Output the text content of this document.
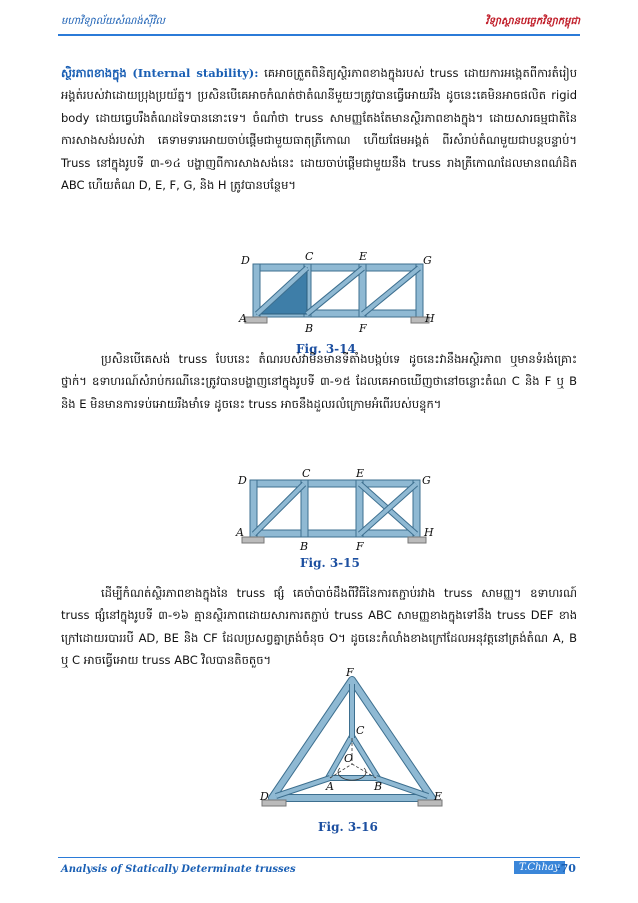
មហាវិទ្យាល័យសំណង់ស៊ីវិល	វិទ្យាស្ថានបច្ចេកវិទ្យាកម្ពុជា
ស្ថិរភាពខាងក្នុង (Internal stability): គេអាចត្រួតពិនិត្យស្ថិរភាពខាងក្នុងរបស់ truss ដោយការអង្កេតពីការតំរៀបអង្គត់របស់វាដោយប្រុងប្រយ័ត្ន។ ប្រសិនបើគេអាចកំណត់ថាតំណនីមួយៗត្រូវបានធ្វើអោយរឹង ដូចនេះគេមិនអាចផលិត rigid body ដោយធ្វេបរឹងតំណដទៃបាននោះទេ។ ចំណាំថា truss សាមញ្ញតែងតែមានស្ថិរភាពខាងក្នុង។ ដោយសារធម្មជាតិនៃការសាងសង់របស់វា គេទាមទារអោយចាប់ផ្តើមជាមួយធាតុត្រីកោណ ហើយផែមអង្គត់ ពីរសំរាប់តំណមួយជាបន្តបន្ទាប់។ Truss នៅក្នុងរូបទី ៣-១៤ បង្ហាញពីការសាងសង់នេះ ដោយចាប់ផ្តើមជាមួយនឹង truss រាងត្រីកោណដែលមានពណ៌ដិត ABC ហើយតំណ D, E, F, G, និង H ត្រូវបានបន្ថែម។
D	C	E	G
A
B	F
H
Fig. 3-14
ប្រសិនបើគេសង់ truss បែបនេះ តំណរបស់វាមិនមានទីតាំងបង្កប់ទេ ដូចនេះវានឹងអស្ថិរភាព ឬមានទំរង់គ្រោះថ្នាក់។ ឧទាហរណ៍សំរាប់ករណីនេះត្រូវបានបង្ហាញនៅក្នុងរូបទី ៣-១៥ ដែលគេអាចឃើញថានៅចន្លោះតំណ C និង F ឬ B និង E មិនមានការទប់អោយរឹងមាំទេ ដូចនេះ truss អាចនឹងដួលរលំក្រោមអំពើរបស់បន្ទុក។
D
C	E
G
A
B	F
H
Fig. 3-15
ដើម្បីកំណត់ស្ថិរភាពខាងក្នុងនៃ truss ផ្សំ គេចាំបាច់ដឹងពីវិធីនៃការតភ្ជាប់រវាង truss សាមញ្ញ។ ឧទាហរណ៍ truss ផ្សំនៅក្នុងរូបទី ៣-១៦ គ្មានស្ថិរភាពដោយសារការតភ្ជាប់ truss ABC សាមញ្ញខាងក្នុងទៅនឹង truss DEF ខាងក្រៅដោយរបាររបី AD, BE និង CF ដែលប្រសព្វគ្នាត្រង់ចំនុច O។ ដូចនេះកំលាំងខាងក្រៅដែលអនុវត្តនៅត្រង់តំណ A, B ឬ C អាចធ្វើអោយ truss ABC វិលបានតិចតួច។
F
C
O
A	B
D	E
Fig. 3-16
Analysis of Statically Determinate trusses	T.Chhay
-70
